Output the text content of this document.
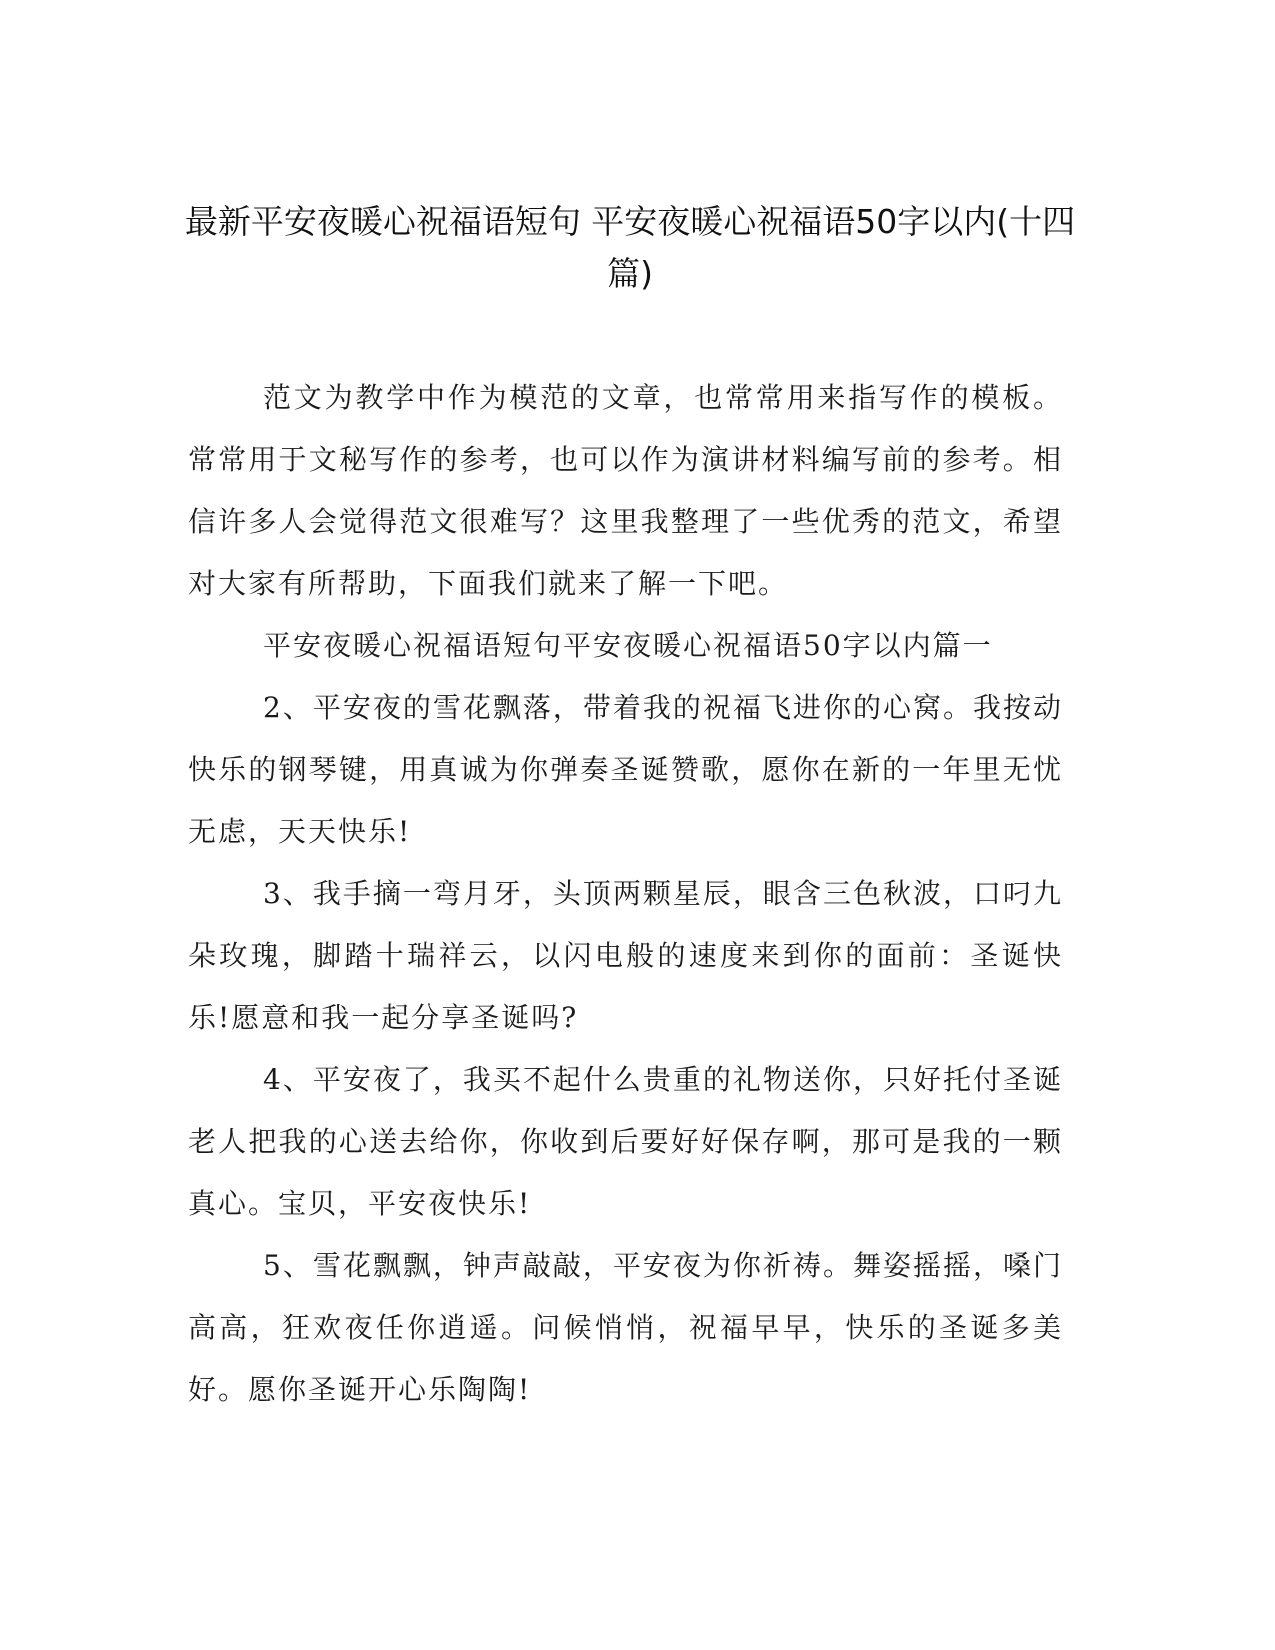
最新平安夜暖心祝福语短句 平安夜暖心祝福语50字以内(十四篇)

范文为教学中作为模范的文章，也常常用来指写作的模板。常常用于文秘写作的参考，也可以作为演讲材料编写前的参考。相信许多人会觉得范文很难写？这里我整理了一些优秀的范文，希望对大家有所帮助，下面我们就来了解一下吧。

平安夜暖心祝福语短句平安夜暖心祝福语50字以内篇一

2、平安夜的雪花飘落，带着我的祝福飞进你的心窝。我按动快乐的钢琴键，用真诚为你弹奏圣诞赞歌，愿你在新的一年里无忧无虑，天天快乐!

3、我手摘一弯月牙，头顶两颗星辰，眼含三色秋波，口叼九朵玫瑰，脚踏十瑞祥云，以闪电般的速度来到你的面前：圣诞快乐!愿意和我一起分享圣诞吗?

4、平安夜了，我买不起什么贵重的礼物送你，只好托付圣诞老人把我的心送去给你，你收到后要好好保存啊，那可是我的一颗真心。宝贝，平安夜快乐!

5、雪花飘飘，钟声敲敲，平安夜为你祈祷。舞姿摇摇，嗓门高高，狂欢夜任你逍遥。问候悄悄，祝福早早，快乐的圣诞多美好。愿你圣诞开心乐陶陶!
